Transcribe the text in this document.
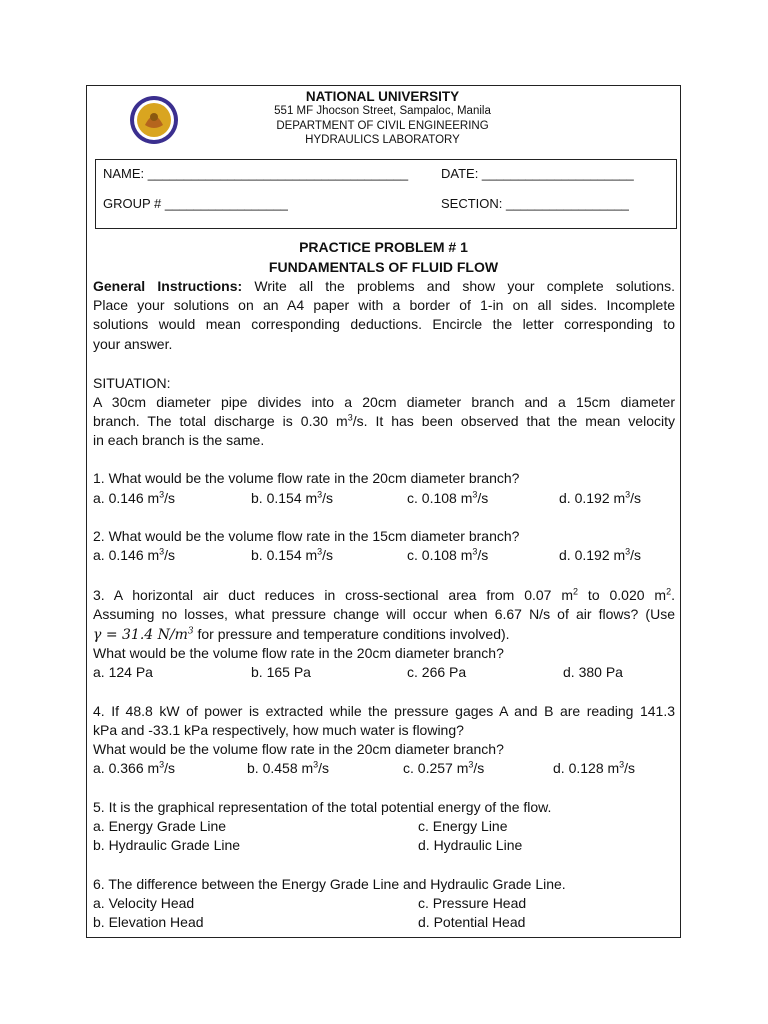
NATIONAL UNIVERSITY
551 MF Jhocson Street, Sampaloc, Manila
DEPARTMENT OF CIVIL ENGINEERING
HYDRAULICS LABORATORY
NAME: ____________________________________	DATE: _____________________
GROUP # _________________	SECTION: _________________
PRACTICE PROBLEM # 1
FUNDAMENTALS OF FLUID FLOW
General Instructions: Write all the problems and show your complete solutions.
Place your solutions on an A4 paper with a border of 1-in on all sides. Incomplete
solutions would mean corresponding deductions. Encircle the letter corresponding to
your answer.
SITUATION:
A 30cm diameter pipe divides into a 20cm diameter branch and a 15cm diameter
branch. The total discharge is 0.30 $m^3/s$. It has been observed that the mean velocity
in each branch is the same.
1. What would be the volume flow rate in the 20cm diameter branch?
a. 0.146 $m^3/s$	b. 0.154 $m^3/s$	c. 0.108 $m^3/s$	d. 0.192 $m^3/s$
2. What would be the volume flow rate in the 15cm diameter branch?
a. 0.146 $m^3/s$	b. 0.154 $m^3/s$	c. 0.108 $m^3/s$	d. 0.192 $m^3/s$
3. A horizontal air duct reduces in cross-sectional area from 0.07 $m^2$ to 0.020 $m^2$.
Assuming no losses, what pressure change will occur when 6.67 N/s of air flows? (Use
γ = 31.4 $N/m^3$ for pressure and temperature conditions involved).
What would be the volume flow rate in the 20cm diameter branch?
a. 124 Pa	b. 165 Pa	c. 266 Pa	d. 380 Pa
4. If 48.8 kW of power is extracted while the pressure gages A and B are reading 141.3
kPa and -33.1 kPa respectively, how much water is flowing?
What would be the volume flow rate in the 20cm diameter branch?
a. 0.366 $m^3/s$	b. 0.458 $m^3/s$	c. 0.257 $m^3/s$	d. 0.128 $m^3/s$
5. It is the graphical representation of the total potential energy of the flow.
a. Energy Grade Line	c. Energy Line
b. Hydraulic Grade Line	d. Hydraulic Line
6. The difference between the Energy Grade Line and Hydraulic Grade Line.
a. Velocity Head	c. Pressure Head
b. Elevation Head	d. Potential Head
